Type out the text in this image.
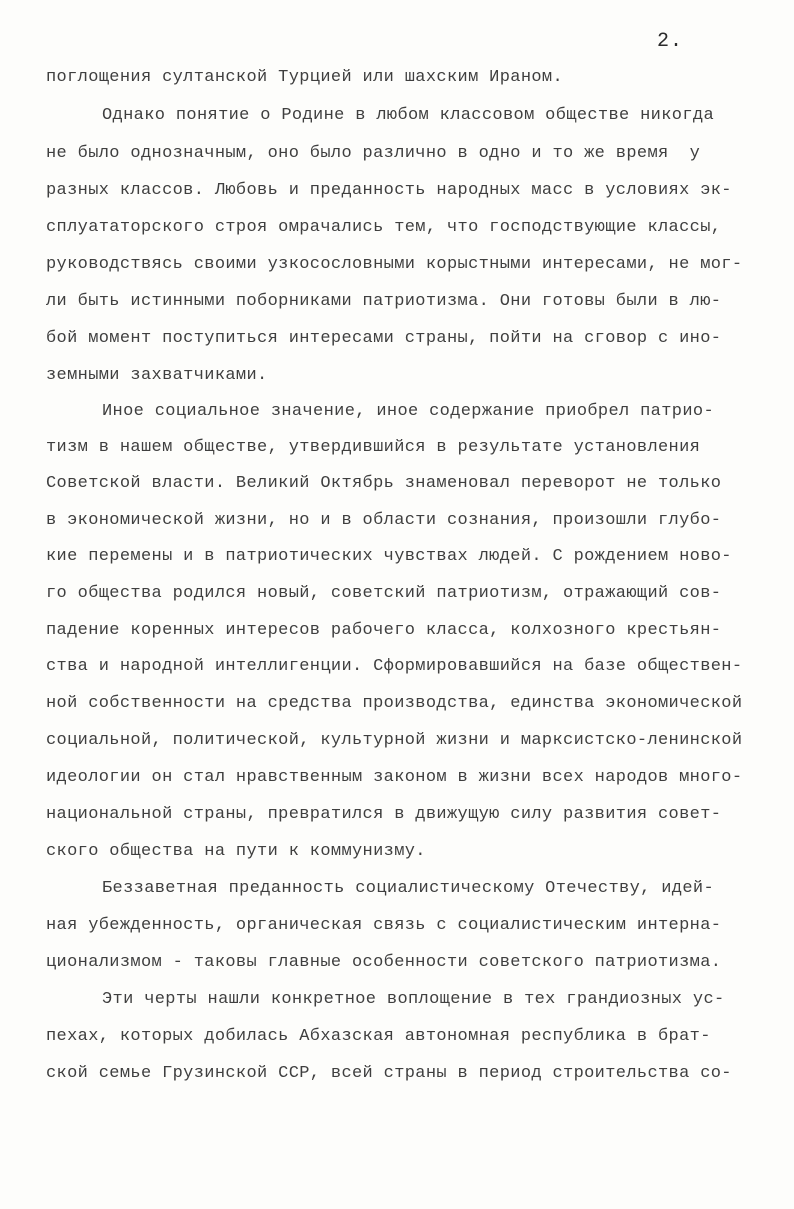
2.

поглощения султанской Турцией или шахским Ираном.

Однако понятие о Родине в любом классовом обществе никогда

не было однозначным, оно было различно в одно и то же время  у

разных классов. Любовь и преданность народных масс в условиях эк-

сплуататорского строя омрачались тем, что господствующие классы,

руководствясь своими узкосословными корыстными интересами, не мог-

ли быть истинными поборниками патриотизма. Они готовы были в лю-

бой момент поступиться интересами страны, пойти на сговор с ино-

земными захватчиками.

Иное социальное значение, иное содержание приобрел патрио-

тизм в нашем обществе, утвердившийся в результате установления

Советской власти. Великий Октябрь знаменовал переворот не только

в экономической жизни, но и в области сознания, произошли глубо-

кие перемены и в патриотических чувствах людей. С рождением ново-

го общества родился новый, советский патриотизм, отражающий сов-

падение коренных интересов рабочего класса, колхозного крестьян-

ства и народной интеллигенции. Сформировавшийся на базе обществен-

ной собственности на средства производства, единства экономической

социальной, политической, культурной жизни и марксистско-ленинской

идеологии он стал нравственным законом в жизни всех народов много-

национальной страны, превратился в движущую силу развития совет-

ского общества на пути к коммунизму.

Беззаветная преданность социалистическому Отечеству, идей-

ная убежденность, органическая связь с социалистическим интерна-

ционализмом - таковы главные особенности советского патриотизма.

Эти черты нашли конкретное воплощение в тех грандиозных ус-

пехах, которых добилась Абхазская автономная республика в брат-

ской семье Грузинской ССР, всей страны в период строительства со-
